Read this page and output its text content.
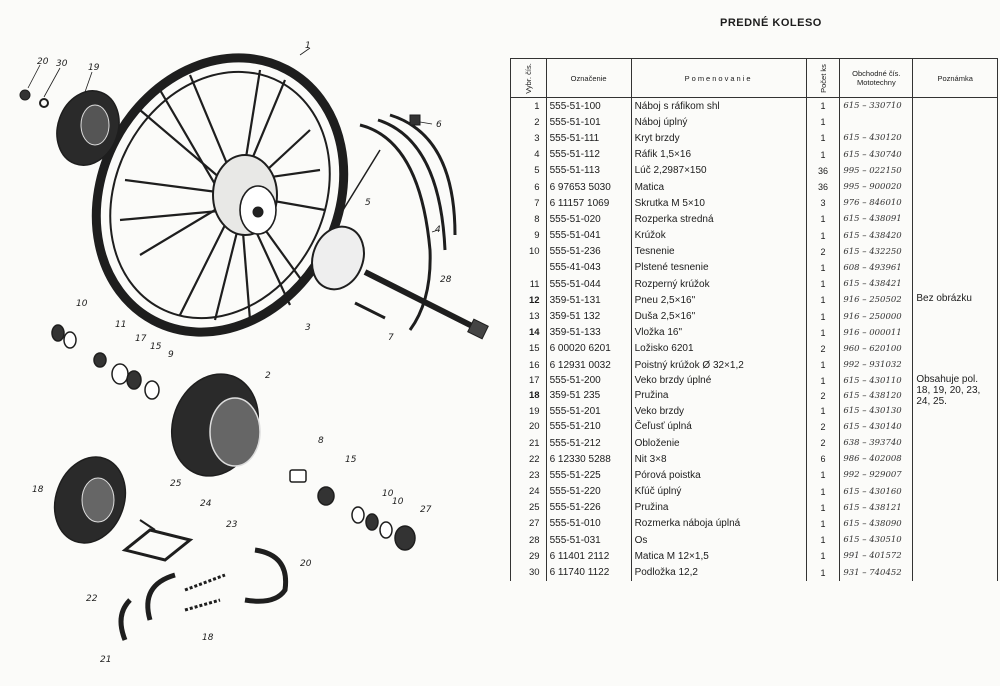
20 30 19
1
6
5
4
28
3
7
10
11
17
15
9
2
8
15
10
10
27
18
25
24
23
20
22
18
21
PREDNÉ KOLESO
Vybr. čís.	Označenie	Pomenovanie	Počet ks	Obchodné čís. Mototechny	Poznámka
1	555-51-100	Náboj s ráfikom shl	1	615 – 330710	
2	555-51-101	Náboj úplný	1		
3	555-51-111	Kryt brzdy	1	615 – 430120	
4	555-51-112	Ráfik 1,5×16	1	615 – 430740	
5	555-51-113	Lúč 2,2987×150	36	995 – 022150	
6	6 97653 5030	Matica	36	995 – 900020	
7	6 11157 1069	Skrutka M 5×10	3	976 – 846010	
8	555-51-020	Rozperka stredná	1	615 – 438091	
9	555-51-041	Krúžok	1	615 – 438420	
10	555-51-236	Tesnenie	2	615 – 432250	
	555-41-043	Plstené tesnenie	1	608 – 493961	
11	555-51-044	Rozperný krúžok	1	615 – 438421	
12	359-51-131	Pneu 2,5×16"	1	916 – 250502	Bez obrázku
13	359-51 132	Duša 2,5×16"	1	916 – 250000	
14	359-51-133	Vložka 16"	1	916 – 000011	
15	6 00020 6201	Ložisko 6201	2	960 – 620100	
16	6 12931 0032	Poistný krúžok Ø 32×1,2	1	992 – 931032	
17	555-51-200	Veko brzdy úplné	1	615 – 430110	Obsahuje pol. 18, 19, 20, 23, 24, 25.
18	359-51 235	Pružina	2	615 – 438120	
19	555-51-201	Veko brzdy	1	615 – 430130	
20	555-51-210	Čeľusť úplná	2	615 – 430140	
21	555-51-212	Obloženie	2	638 – 393740	
22	6 12330 5288	Nit 3×8	6	986 – 402008	
23	555-51-225	Pórová poistka	1	992 – 929007	
24	555-51-220	Kľúč úplný	1	615 – 430160	
25	555-51-226	Pružina	1	615 – 438121	
27	555-51-010	Rozmerka náboja úplná	1	615 – 438090	
28	555-51-031	Os	1	615 – 430510	
29	6 11401 2112	Matica M 12×1,5	1	991 – 401572	
30	6 11740 1122	Podložka 12,2	1	931 – 740452	
